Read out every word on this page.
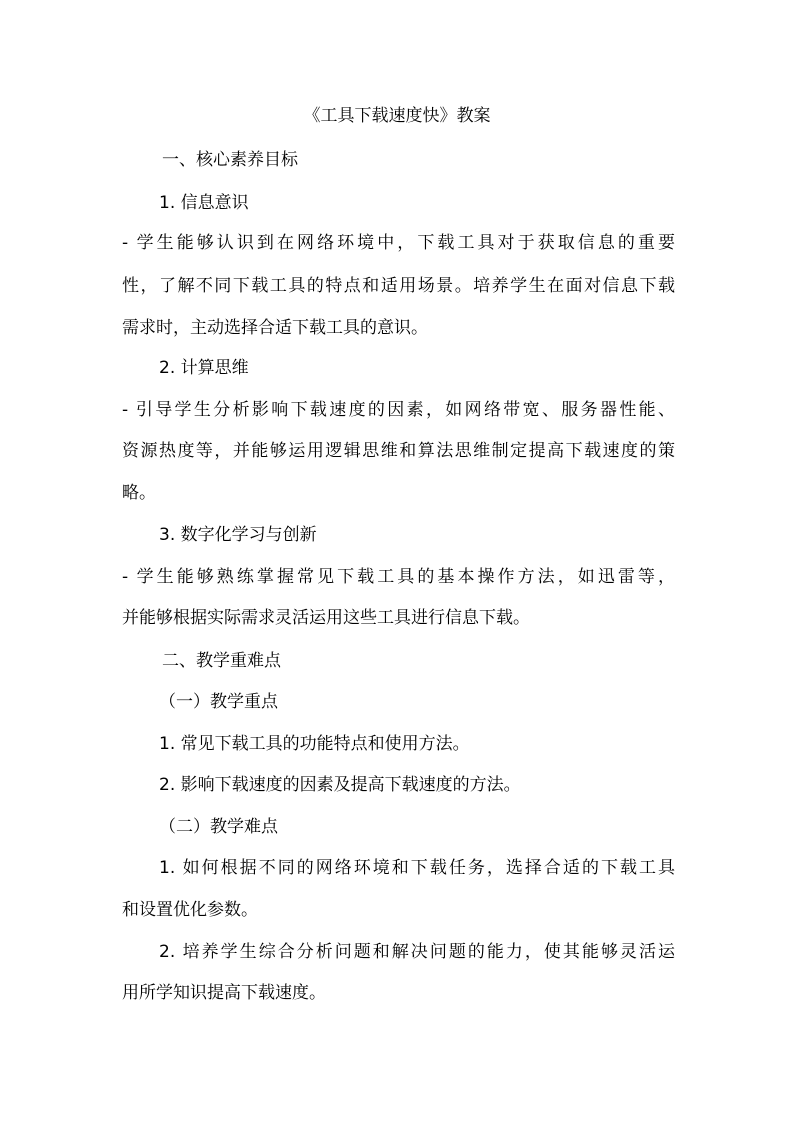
《工具下载速度快》教案
一、核心素养目标
1. 信息意识
- 学生能够认识到在网络环境中，下载工具对于获取信息的重要
性，了解不同下载工具的特点和适用场景。培养学生在面对信息下载
需求时，主动选择合适下载工具的意识。
2. 计算思维
- 引导学生分析影响下载速度的因素，如网络带宽、服务器性能、
资源热度等，并能够运用逻辑思维和算法思维制定提高下载速度的策
略。
3. 数字化学习与创新
- 学生能够熟练掌握常见下载工具的基本操作方法，如迅雷等，
并能够根据实际需求灵活运用这些工具进行信息下载。
二、教学重难点
（一）教学重点
1. 常见下载工具的功能特点和使用方法。
2. 影响下载速度的因素及提高下载速度的方法。
（二）教学难点
1. 如何根据不同的网络环境和下载任务，选择合适的下载工具
和设置优化参数。
2. 培养学生综合分析问题和解决问题的能力，使其能够灵活运
用所学知识提高下载速度。
